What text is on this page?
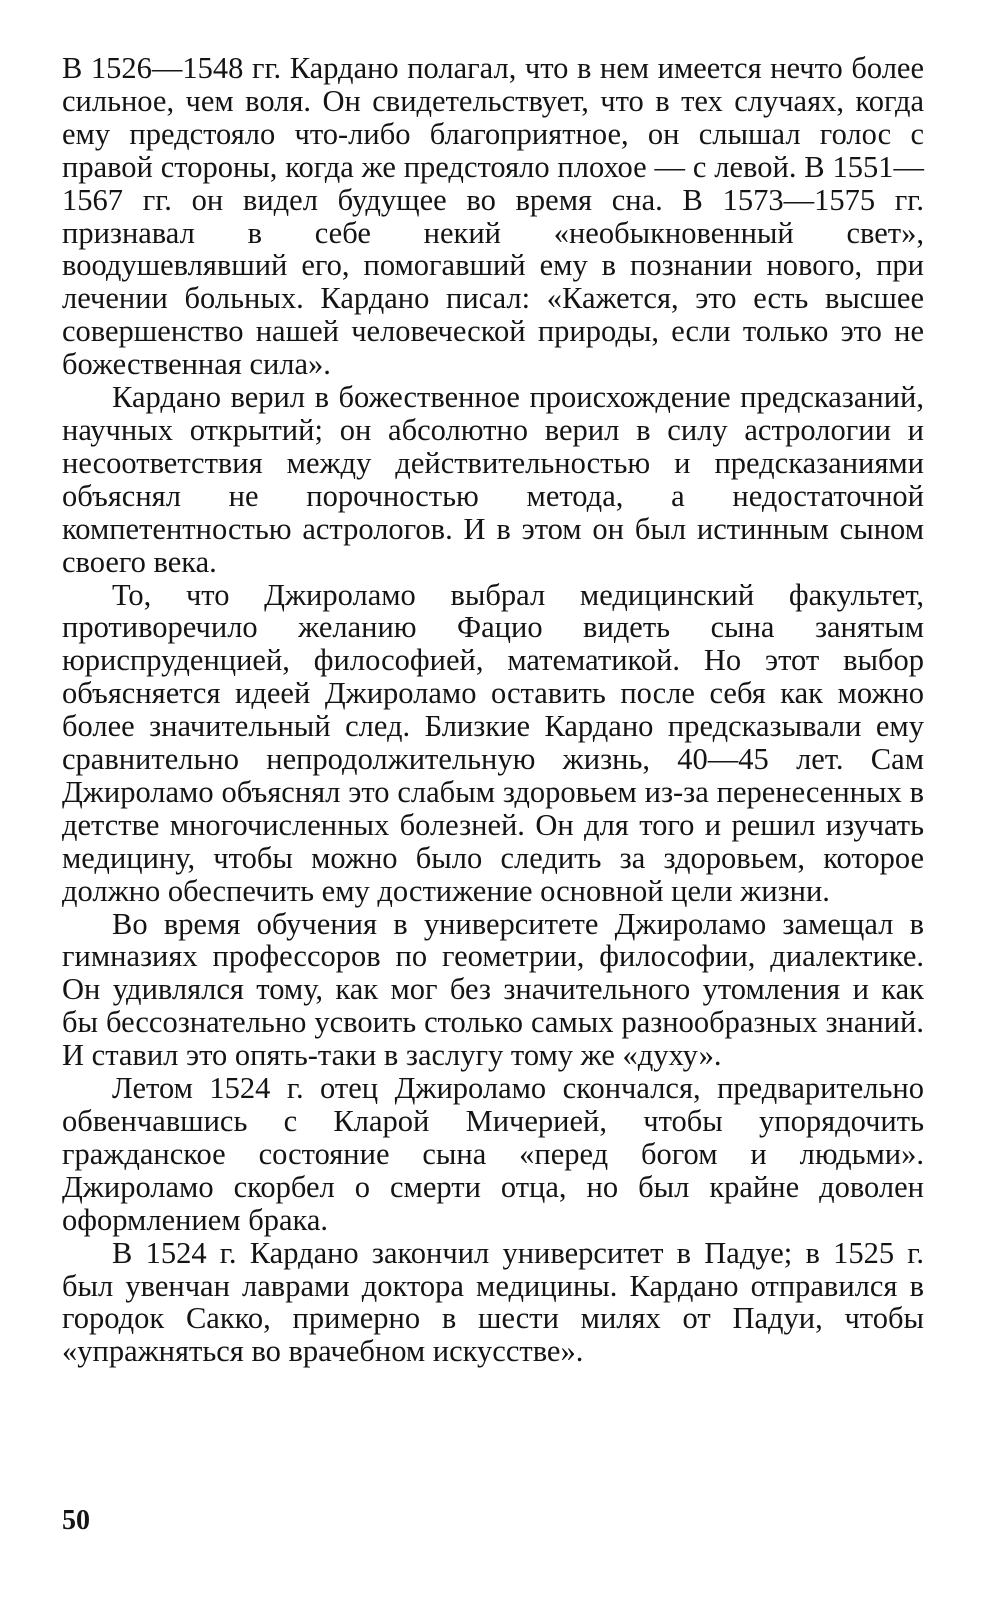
В 1526—1548 гг. Кардано полагал, что в нем имеется нечто более сильное, чем воля. Он свидетельствует, что в тех случаях, когда ему предстояло что-либо благоприятное, он слышал голос с правой стороны, когда же предстояло плохое — с левой. В 1551—1567 гг. он видел будущее во время сна. В 1573—1575 гг. признавал в себе некий «необыкновенный свет», воодушевлявший его, помогавший ему в познании нового, при лечении больных. Кардано писал: «Кажется, это есть высшее совершенство нашей человеческой природы, если только это не божественная сила».

Кардано верил в божественное происхождение предсказаний, научных открытий; он абсолютно верил в силу астрологии и несоответствия между действительностью и предсказаниями объяснял не порочностью метода, а недостаточной компетентностью астрологов. И в этом он был истинным сыном своего века.

То, что Джироламо выбрал медицинский факультет, противоречило желанию Фацио видеть сына занятым юриспруденцией, философией, математикой. Но этот выбор объясняется идеей Джироламо оставить после себя как можно более значительный след. Близкие Кардано предсказывали ему сравнительно непродолжительную жизнь, 40—45 лет. Сам Джироламо объяснял это слабым здоровьем из-за перенесенных в детстве многочисленных болезней. Он для того и решил изучать медицину, чтобы можно было следить за здоровьем, которое должно обеспечить ему достижение основной цели жизни.

Во время обучения в университете Джироламо замещал в гимназиях профессоров по геометрии, философии, диалектике. Он удивлялся тому, как мог без значительного утомления и как бы бессознательно усвоить столько самых разнообразных знаний. И ставил это опять-таки в заслугу тому же «духу».

Летом 1524 г. отец Джироламо скончался, предварительно обвенчавшись с Кларой Мичерией, чтобы упорядочить гражданское состояние сына «перед богом и людьми». Джироламо скорбел о смерти отца, но был крайне доволен оформлением брака.

В 1524 г. Кардано закончил университет в Падуе; в 1525 г. был увенчан лаврами доктора медицины. Кардано отправился в городок Сакко, примерно в шести милях от Падуи, чтобы «упражняться во врачебном искусстве».

50
